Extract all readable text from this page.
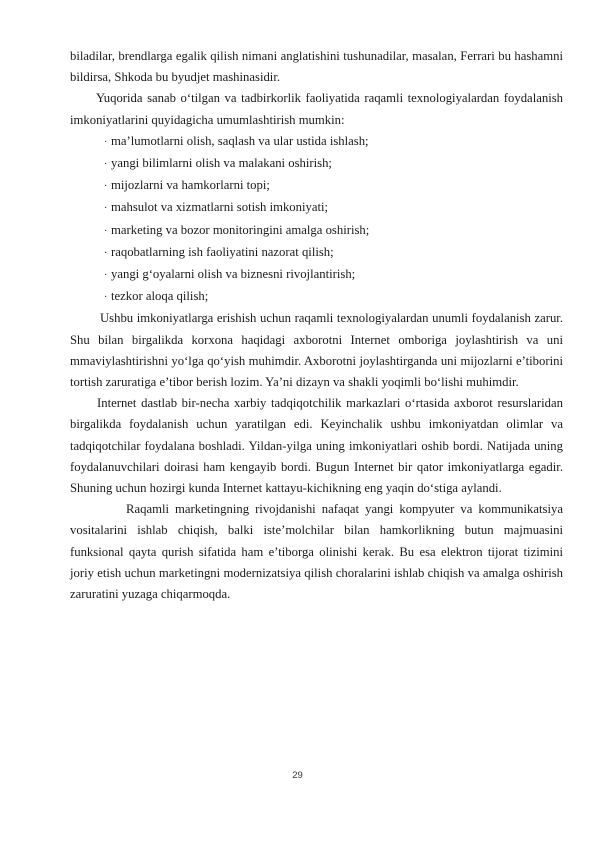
biladilar, brendlarga egalik qilish nimani anglatishini tushunadilar, masalan, Ferrari bu hashamni bildirsa, Shkoda bu byudjet mashinasidir.

Yuqorida sanab o‘tilgan va tadbirkorlik faoliyatida raqamli texnologiyalardan foydalanish imkoniyatlarini quyidagicha umumlashtirish mumkin:

· ma’lumotlarni olish, saqlash va ular ustida ishlash;
· yangi bilimlarni olish va malakani oshirish;
· mijozlarni va hamkorlarni topi;
· mahsulot va xizmatlarni sotish imkoniyati;
· marketing va bozor monitoringini amalga oshirish;
· raqobatlarning ish faoliyatini nazorat qilish;
· yangi g‘oyalarni olish va biznesni rivojlantirish;
· tezkor aloqa qilish;

Ushbu imkoniyatlarga erishish uchun raqamli texnologiyalardan unumli foydalanish zarur. Shu bilan birgalikda korxona haqidagi axborotni Internet omboriga joylashtirish va uni mmaviylashtirishni yo‘lga qo‘yish muhimdir. Axborotni joylashtirganda uni mijozlarni e’tiborini tortish zaruratiga e’tibor berish lozim. Ya’ni dizayn va shakli yoqimli bo‘lishi muhimdir.

Internet dastlab bir-necha xarbiy tadqiqotchilik markazlari o‘rtasida axborot resurslaridan birgalikda foydalanish uchun yaratilgan edi. Keyinchalik ushbu imkoniyatdan olimlar va tadqiqotchilar foydalana boshladi. Yildan-yilga uning imkoniyatlari oshib bordi. Natijada uning foydalanuvchilari doirasi ham kengayib bordi. Bugun Internet bir qator imkoniyatlarga egadir. Shuning uchun hozirgi kunda Internet kattayu-kichikning eng yaqin do‘stiga aylandi.

Raqamli marketingning rivojdanishi nafaqat yangi kompyuter va kommunikatsiya vositalarini ishlab chiqish, balki iste’molchilar bilan hamkorlikning butun majmuasini funksional qayta qurish sifatida ham e’tiborga olinishi kerak. Bu esa elektron tijorat tizimini joriy etish uchun marketingni modernizatsiya qilish choralarini ishlab chiqish va amalga oshirish zaruratini yuzaga chiqarmoqda.

29
